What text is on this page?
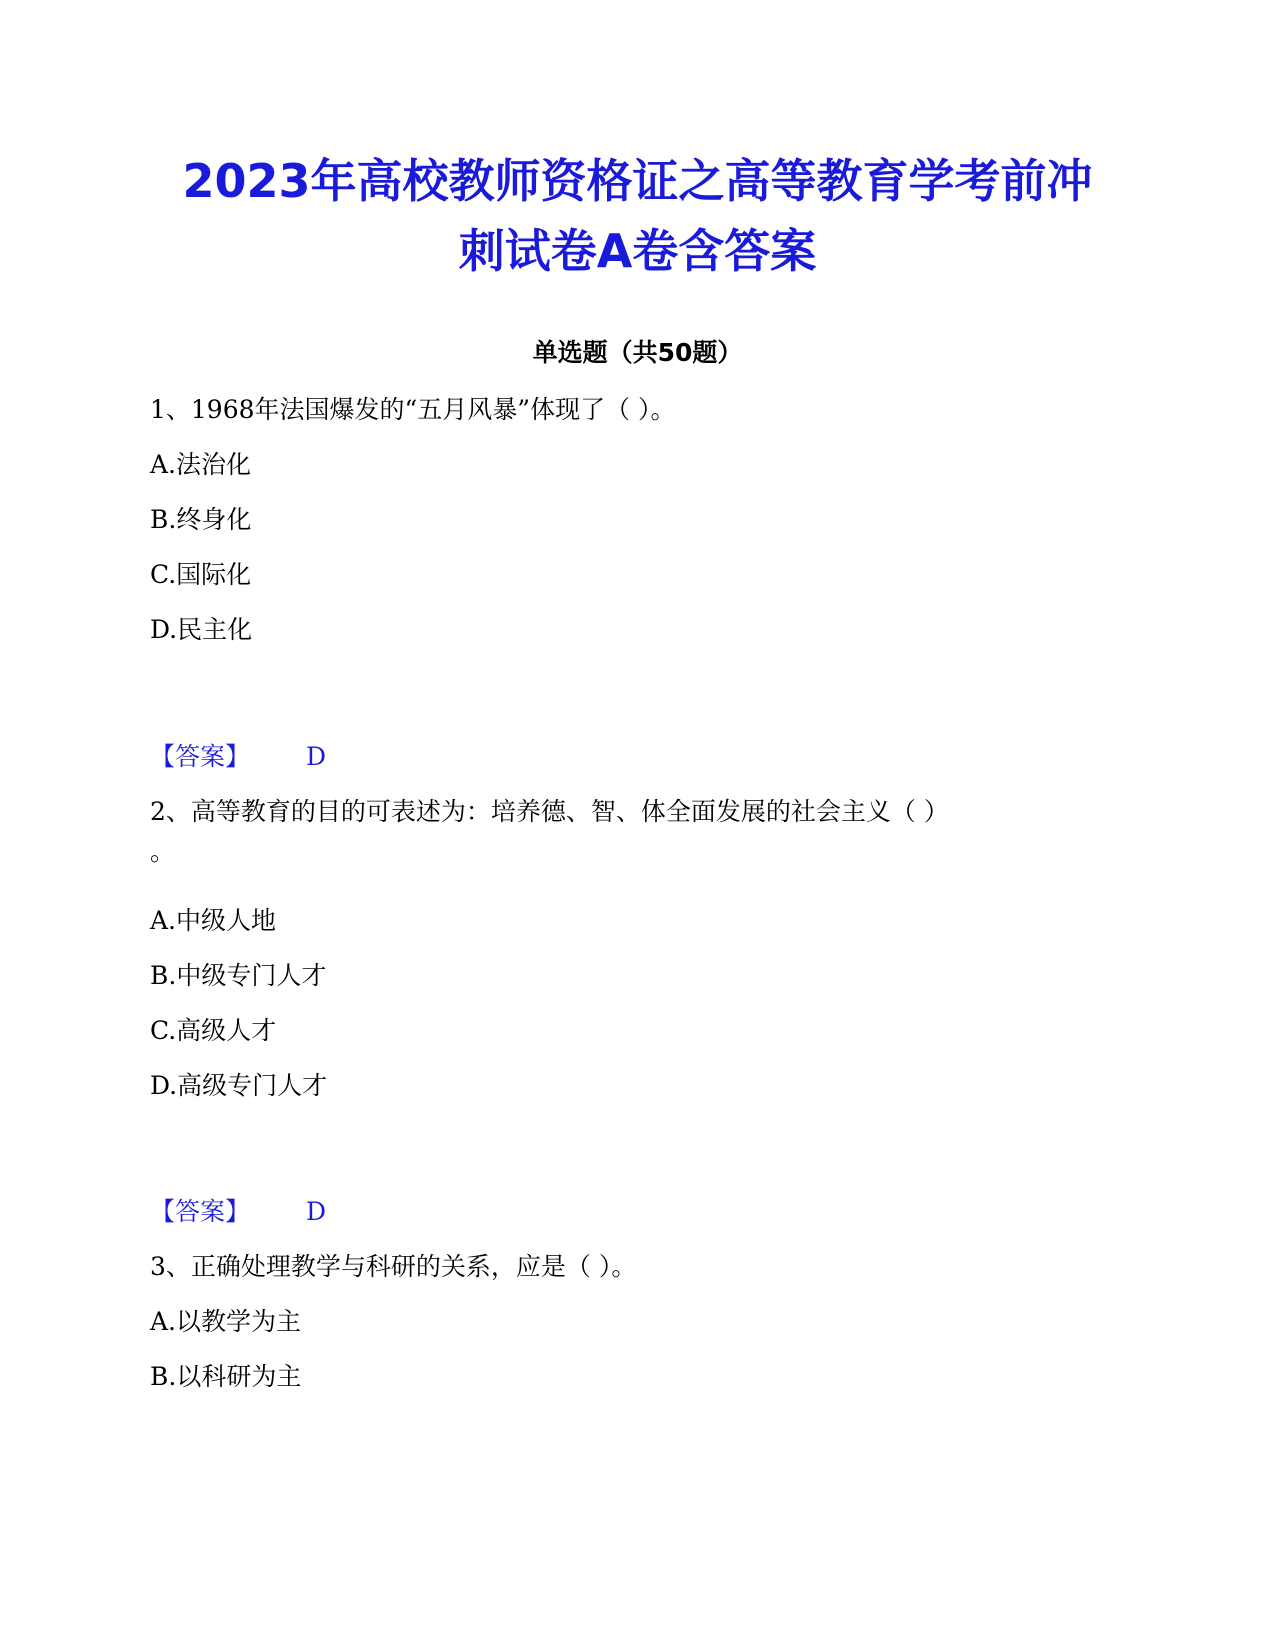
2023年高校教师资格证之高等教育学考前冲
刺试卷A卷含答案
单选题（共50题）
1、1968年法国爆发的“五月风暴”体现了（ ）。
A.法治化
B.终身化
C.国际化
D.民主化
【答案】 D
2、高等教育的目的可表述为：培养德、智、体全面发展的社会主义（ ）
。
A.中级人地
B.中级专门人才
C.高级人才
D.高级专门人才
【答案】 D
3、正确处理教学与科研的关系，应是（ ）。
A.以教学为主
B.以科研为主
